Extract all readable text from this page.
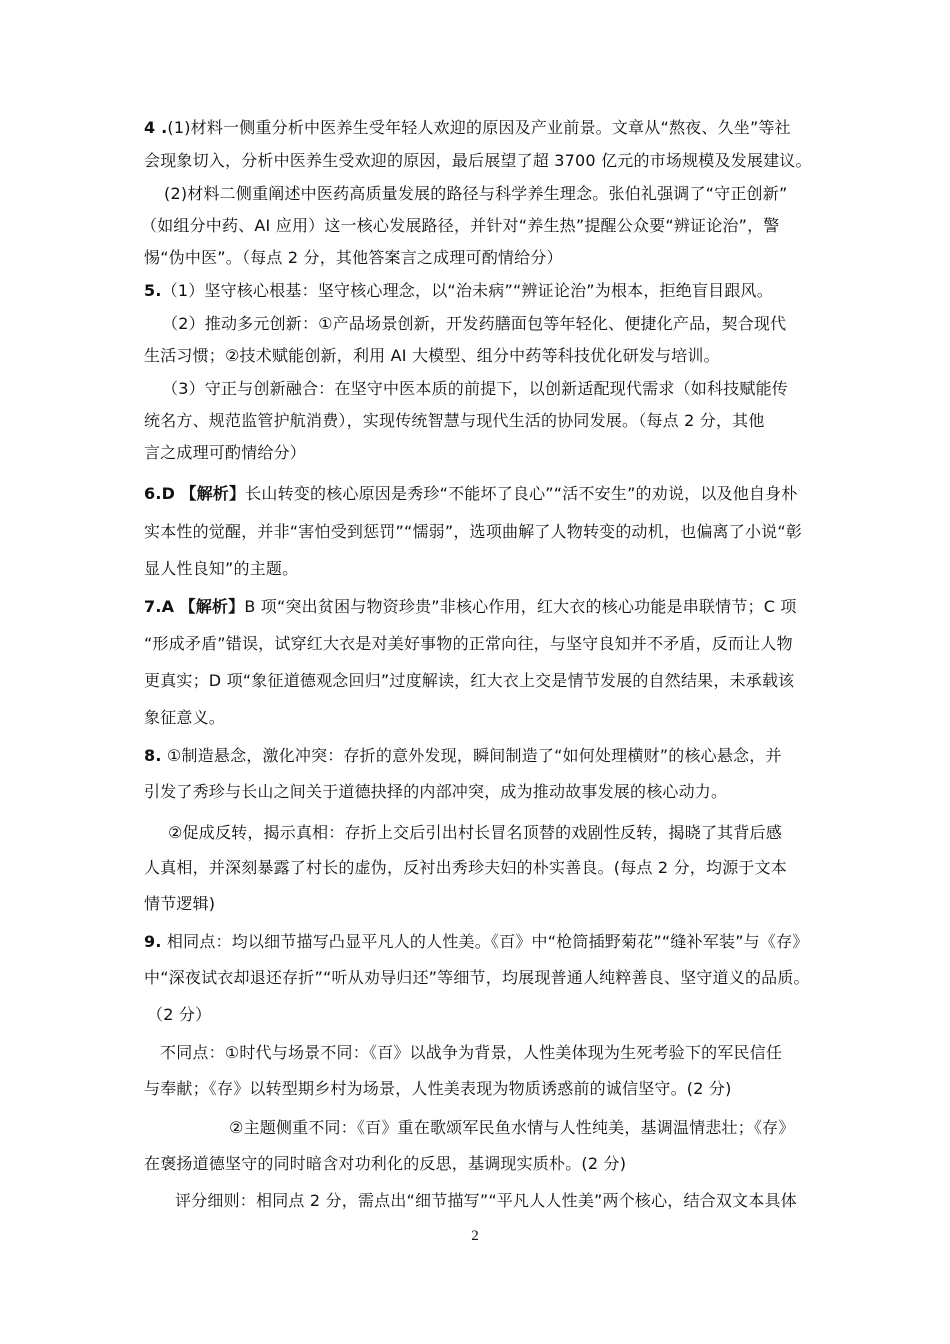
4 .(1)材料一侧重分析中医养生受年轻人欢迎的原因及产业前景。文章从“熬夜、久坐”等社
会现象切入，分析中医养生受欢迎的原因，最后展望了超 3700 亿元的市场规模及发展建议。
(2)材料二侧重阐述中医药高质量发展的路径与科学养生理念。张伯礼强调了“守正创新”
（如组分中药、AI 应用）这一核心发展路径，并针对“养生热”提醒公众要“辨证论治”，警
惕“伪中医”。（每点 2 分，其他答案言之成理可酌情给分）
5.（1）坚守核心根基：坚守核心理念，以“治未病”“辨证论治”为根本，拒绝盲目跟风。
（2）推动多元创新：①产品场景创新，开发药膳面包等年轻化、便捷化产品，契合现代
生活习惯；②技术赋能创新，利用 AI 大模型、组分中药等科技优化研发与培训。
（3）守正与创新融合：在坚守中医本质的前提下，以创新适配现代需求（如科技赋能传
统名方、规范监管护航消费），实现传统智慧与现代生活的协同发展。（每点 2 分，其他
言之成理可酌情给分）
6.D 【解析】长山转变的核心原因是秀珍“不能坏了良心”“活不安生”的劝说，以及他自身朴
实本性的觉醒，并非“害怕受到惩罚”“懦弱”，选项曲解了人物转变的动机，也偏离了小说“彰
显人性良知”的主题。
7.A 【解析】B 项“突出贫困与物资珍贵”非核心作用，红大衣的核心功能是串联情节；C 项
“形成矛盾”错误，试穿红大衣是对美好事物的正常向往，与坚守良知并不矛盾，反而让人物
更真实；D 项“象征道德观念回归”过度解读，红大衣上交是情节发展的自然结果，未承载该
象征意义。
8. ①制造悬念，激化冲突：存折的意外发现，瞬间制造了“如何处理横财”的核心悬念，并
引发了秀珍与长山之间关于道德抉择的内部冲突，成为推动故事发展的核心动力。
②促成反转，揭示真相：存折上交后引出村长冒名顶替的戏剧性反转，揭晓了其背后感
人真相，并深刻暴露了村长的虚伪，反衬出秀珍夫妇的朴实善良。(每点 2 分，均源于文本
情节逻辑)
9. 相同点：均以细节描写凸显平凡人的人性美。《百》中“枪筒插野菊花”“缝补军装”与《存》
中“深夜试衣却退还存折”“听从劝导归还”等细节，均展现普通人纯粹善良、坚守道义的品质。
（2 分）
不同点：①时代与场景不同：《百》以战争为背景，人性美体现为生死考验下的军民信任
与奉献；《存》以转型期乡村为场景，人性美表现为物质诱惑前的诚信坚守。(2 分)
②主题侧重不同：《百》重在歌颂军民鱼水情与人性纯美，基调温情悲壮；《存》
在褒扬道德坚守的同时暗含对功利化的反思，基调现实质朴。(2 分)
评分细则：相同点 2 分，需点出“细节描写”“平凡人人性美”两个核心，结合双文本具体
2
